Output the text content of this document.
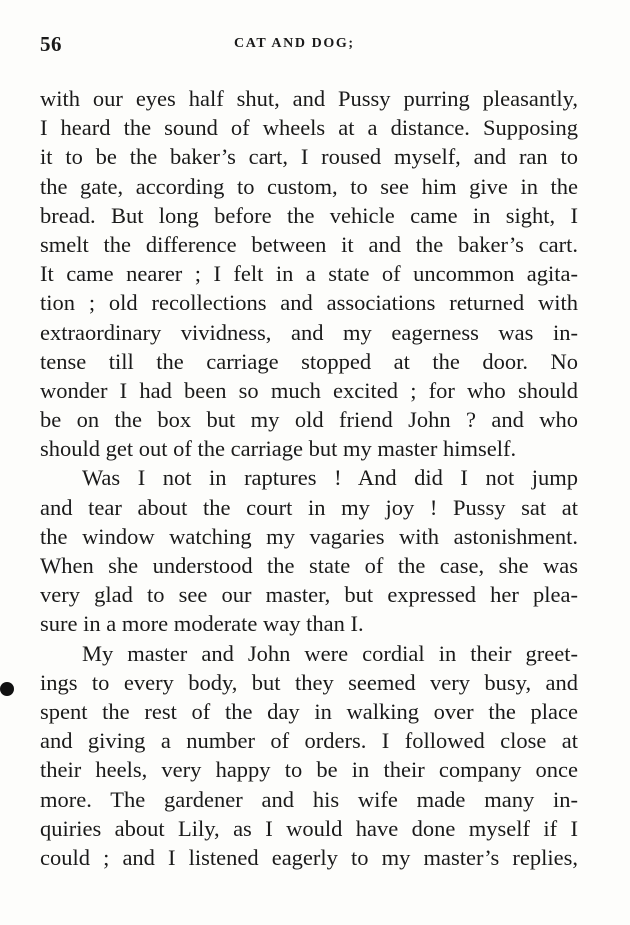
56	CAT AND DOG;
with our eyes half shut, and Pussy purring pleasantly,
I heard the sound of wheels at a distance. Supposing
it to be the baker’s cart, I roused myself, and ran to
the gate, according to custom, to see him give in the
bread. But long before the vehicle came in sight, I
smelt the difference between it and the baker’s cart.
It came nearer ; I felt in a state of uncommon agita-
tion ; old recollections and associations returned with
extraordinary vividness, and my eagerness was in-
tense till the carriage stopped at the door. No
wonder I had been so much excited ; for who should
be on the box but my old friend John ? and who
should get out of the carriage but my master himself.
Was I not in raptures ! And did I not jump
and tear about the court in my joy ! Pussy sat at
the window watching my vagaries with astonishment.
When she understood the state of the case, she was
very glad to see our master, but expressed her plea-
sure in a more moderate way than I.
My master and John were cordial in their greet-
ings to every body, but they seemed very busy, and
spent the rest of the day in walking over the place
and giving a number of orders. I followed close at
their heels, very happy to be in their company once
more. The gardener and his wife made many in-
quiries about Lily, as I would have done myself if I
could ; and I listened eagerly to my master’s replies,
